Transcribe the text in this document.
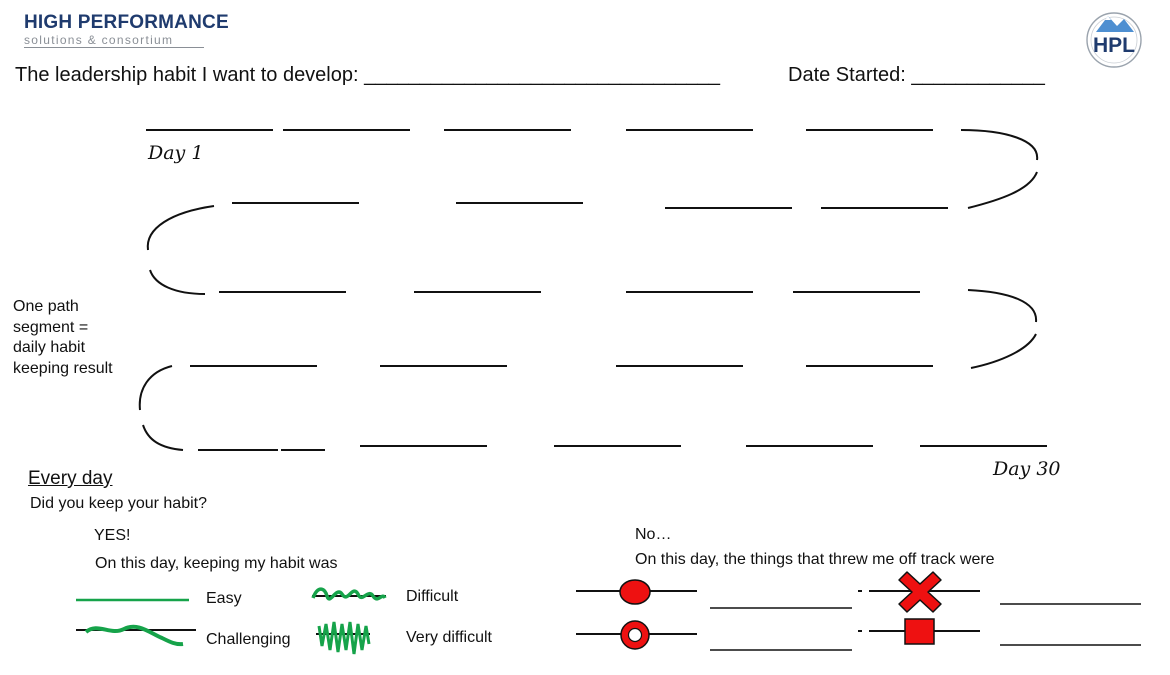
HIGH PERFORMANCE
solutions & consortium
The leadership habit I want to develop: ________________________________	Date Started: ____________
One path
segment =
daily habit
keeping result
Day 1
Day 30
Every day
Did you keep your habit?
YES!
On this day, keeping my habit was
Easy
Challenging
Difficult
Very difficult
No…
On this day, the things that threw me off track were
HPL
